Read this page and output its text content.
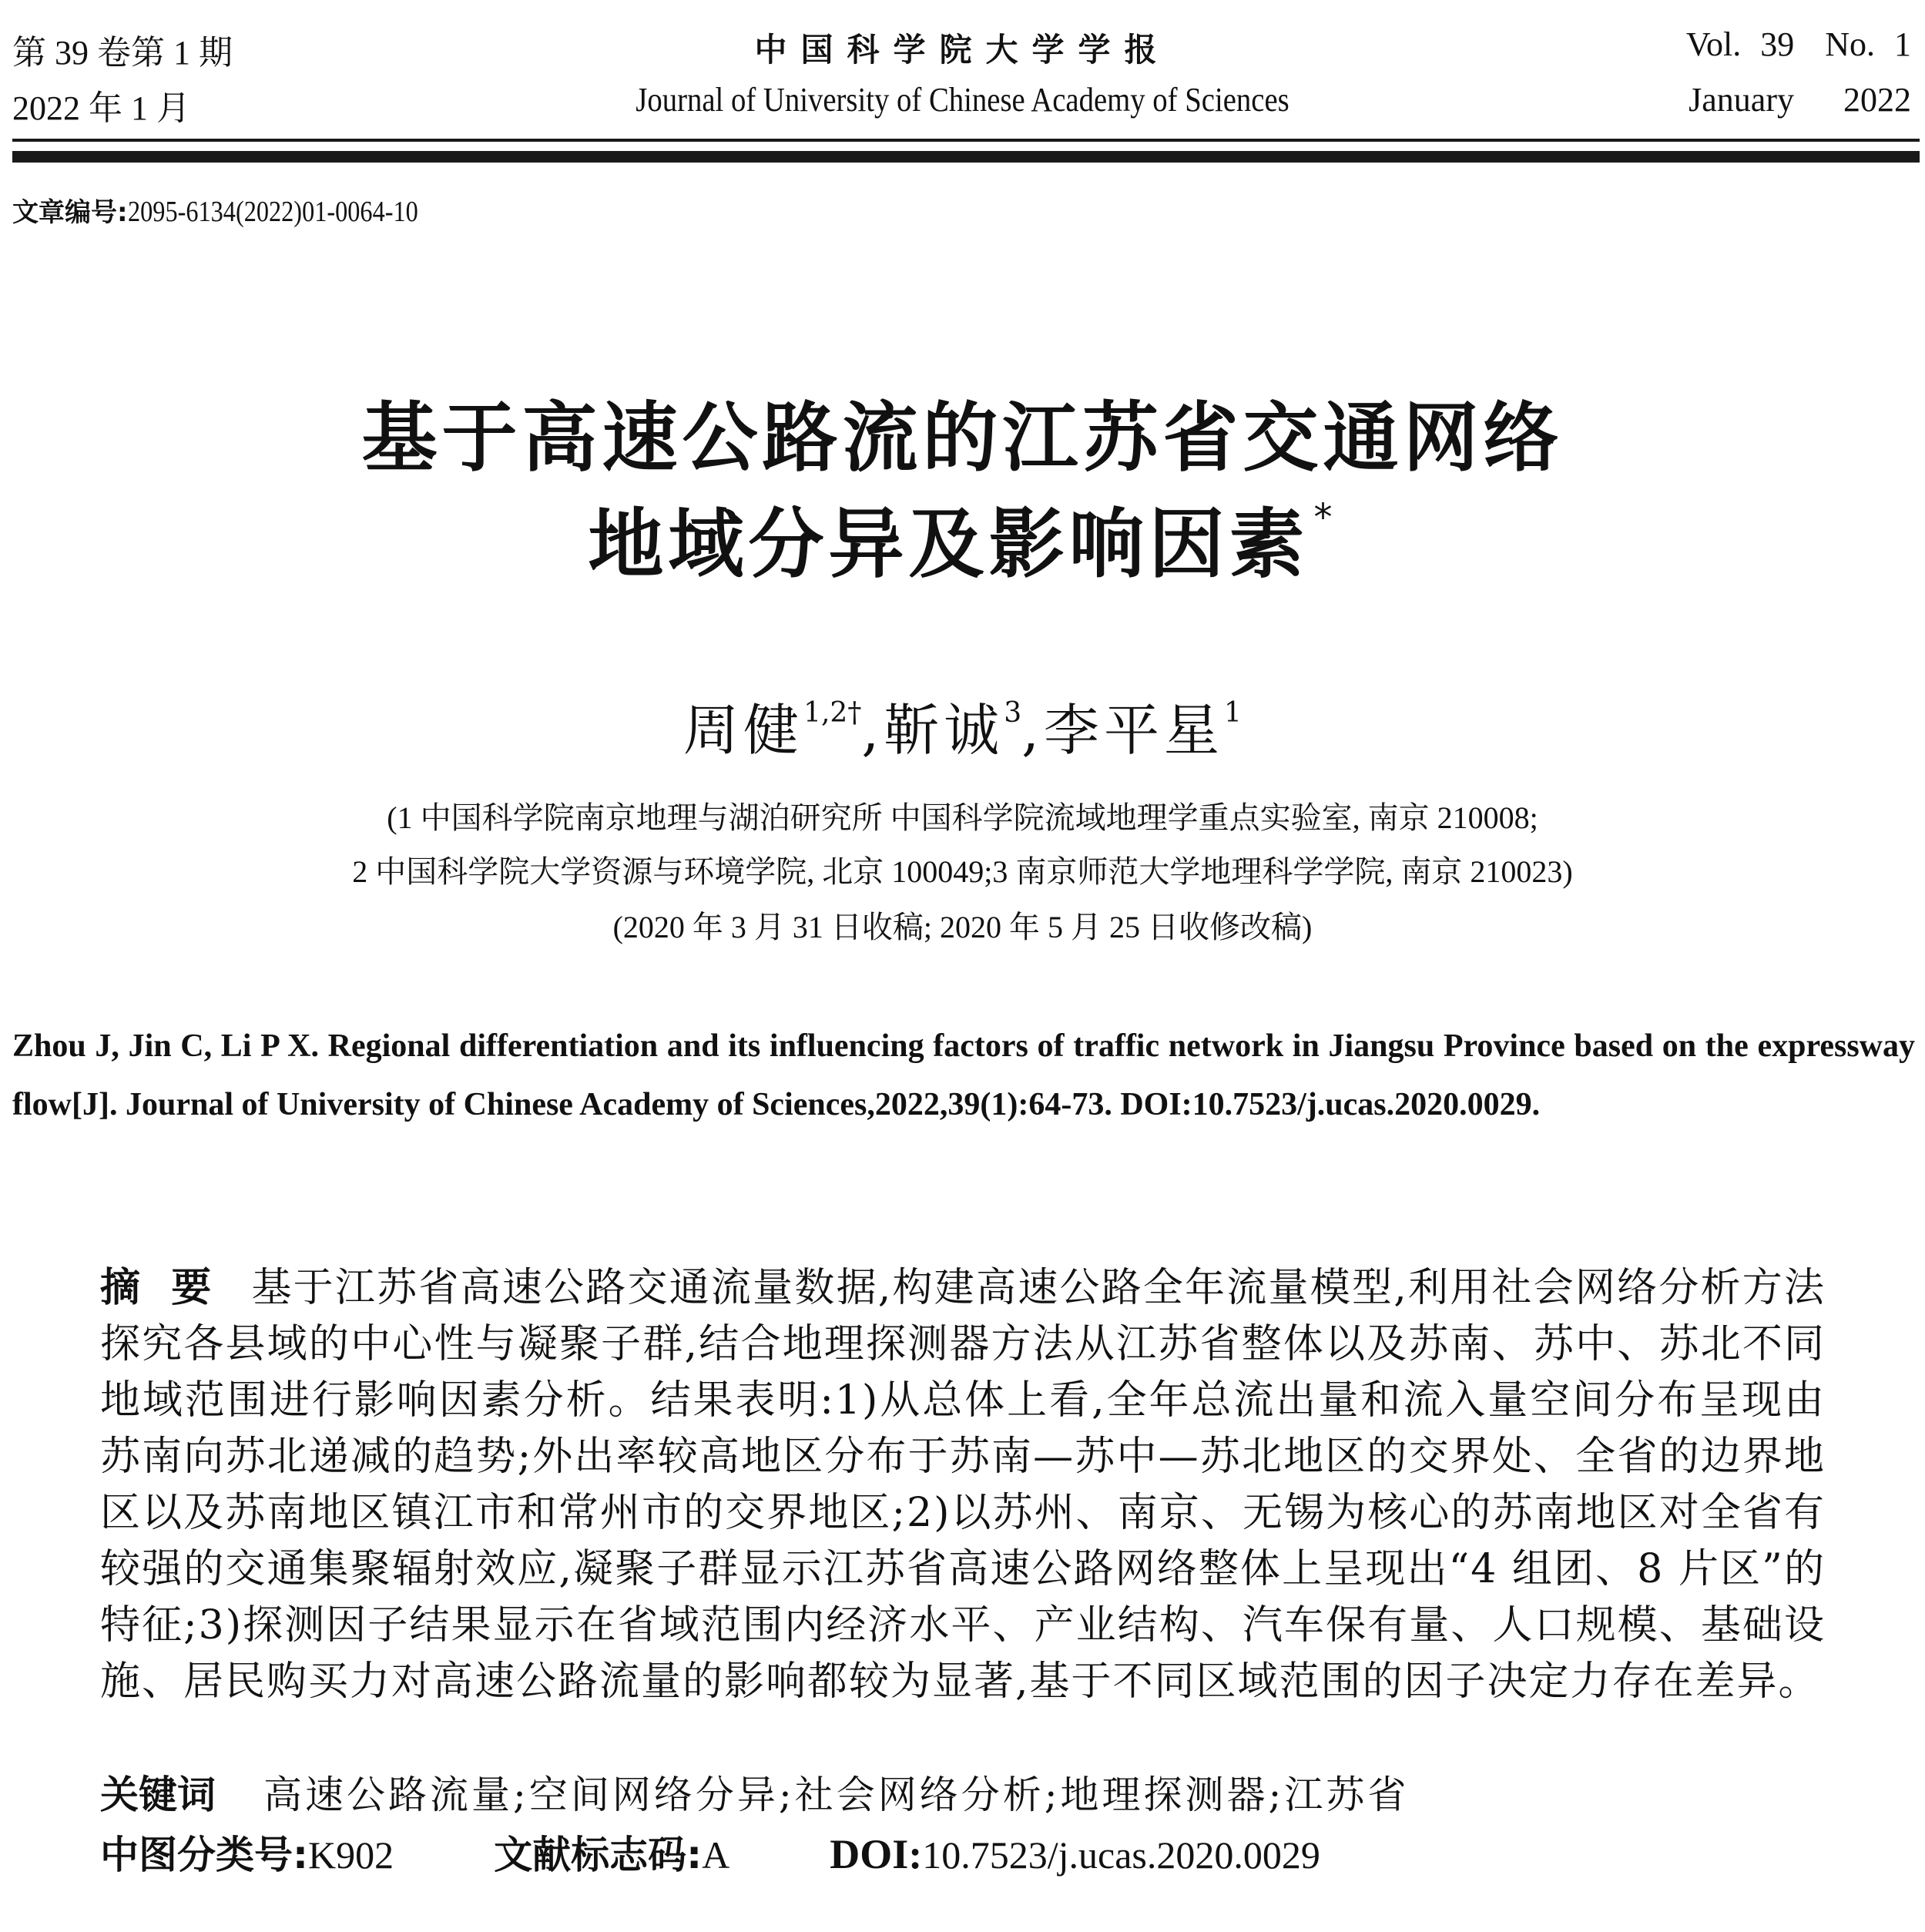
第 39 卷第 1 期
2022 年 1 月
中国科学院大学学报
Journal of University of Chinese Academy of Sciences
Vol. 39 No. 1
January 2022
文章编号:2095-6134(2022)01-0064-10
基于高速公路流的江苏省交通网络
地域分异及影响因素 *
周健$^{1,2\dagger}$,靳诚$^3$,李平星$^1$
(1 中国科学院南京地理与湖泊研究所 中国科学院流域地理学重点实验室, 南京 210008;
2 中国科学院大学资源与环境学院, 北京 100049;3 南京师范大学地理科学学院, 南京 210023)
(2020 年 3 月 31 日收稿; 2020 年 5 月 25 日收修改稿)
Zhou J, Jin C, Li P X. Regional differentiation and its influencing factors of traffic network in Jiangsu Province based on the expressway flow[J]. Journal of University of Chinese Academy of Sciences,2022,39(1):64-73. DOI:10.7523/j.ucas.2020.0029.
摘要 基于江苏省高速公路交通流量数据,构建高速公路全年流量模型,利用社会网络分析方法探究各县域的中心性与凝聚子群,结合地理探测器方法从江苏省整体以及苏南、苏中、苏北不同地域范围进行影响因素分析。结果表明:1)从总体上看,全年总流出量和流入量空间分布呈现由苏南向苏北递减的趋势;外出率较高地区分布于苏南—苏中—苏北地区的交界处、全省的边界地区以及苏南地区镇江市和常州市的交界地区;2)以苏州、南京、无锡为核心的苏南地区对全省有较强的交通集聚辐射效应,凝聚子群显示江苏省高速公路网络整体上呈现出“4 组团、8 片区”的特征;3)探测因子结果显示在省域范围内经济水平、产业结构、汽车保有量、人口规模、基础设施、居民购买力对高速公路流量的影响都较为显著,基于不同区域范围的因子决定力存在差异。
关键词 高速公路流量;空间网络分异;社会网络分析;地理探测器;江苏省
中图分类号:K902	文献标志码:A DOI:10.7523/j.ucas.2020.0029
